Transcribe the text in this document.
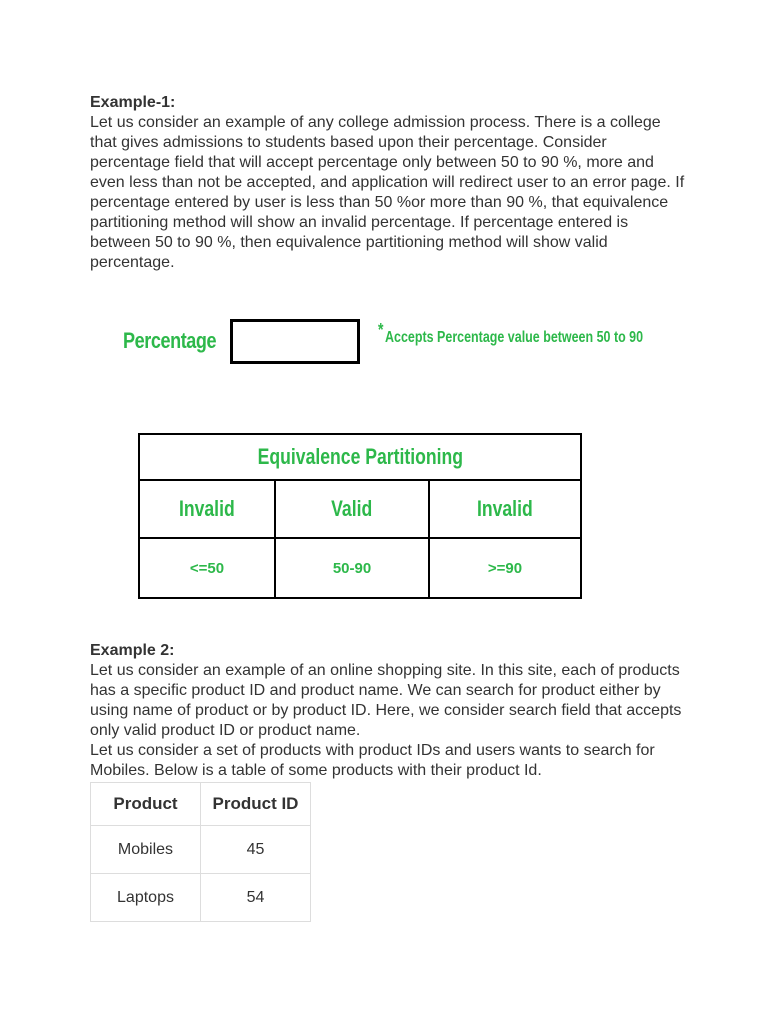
Example-1:
Let us consider an example of any college admission process. There is a college that gives admissions to students based upon their percentage. Consider percentage field that will accept percentage only between 50 to 90 %, more and even less than not be accepted, and application will redirect user to an error page. If percentage entered by user is less than 50 %or more than 90 %, that equivalence partitioning method will show an invalid percentage. If percentage entered is between 50 to 90 %, then equivalence partitioning method will show valid percentage.
Percentage	*Accepts Percentage value between 50 to 90
Equivalence Partitioning		
Invalid	Valid	Invalid
<=50	50-90	>=90
Example 2:
Let us consider an example of an online shopping site. In this site, each of products has a specific product ID and product name. We can search for product either by using name of product or by product ID. Here, we consider search field that accepts only valid product ID or product name.
Let us consider a set of products with product IDs and users wants to search for Mobiles. Below is a table of some products with their product Id.
Product	Product ID
Mobiles	45
Laptops	54
